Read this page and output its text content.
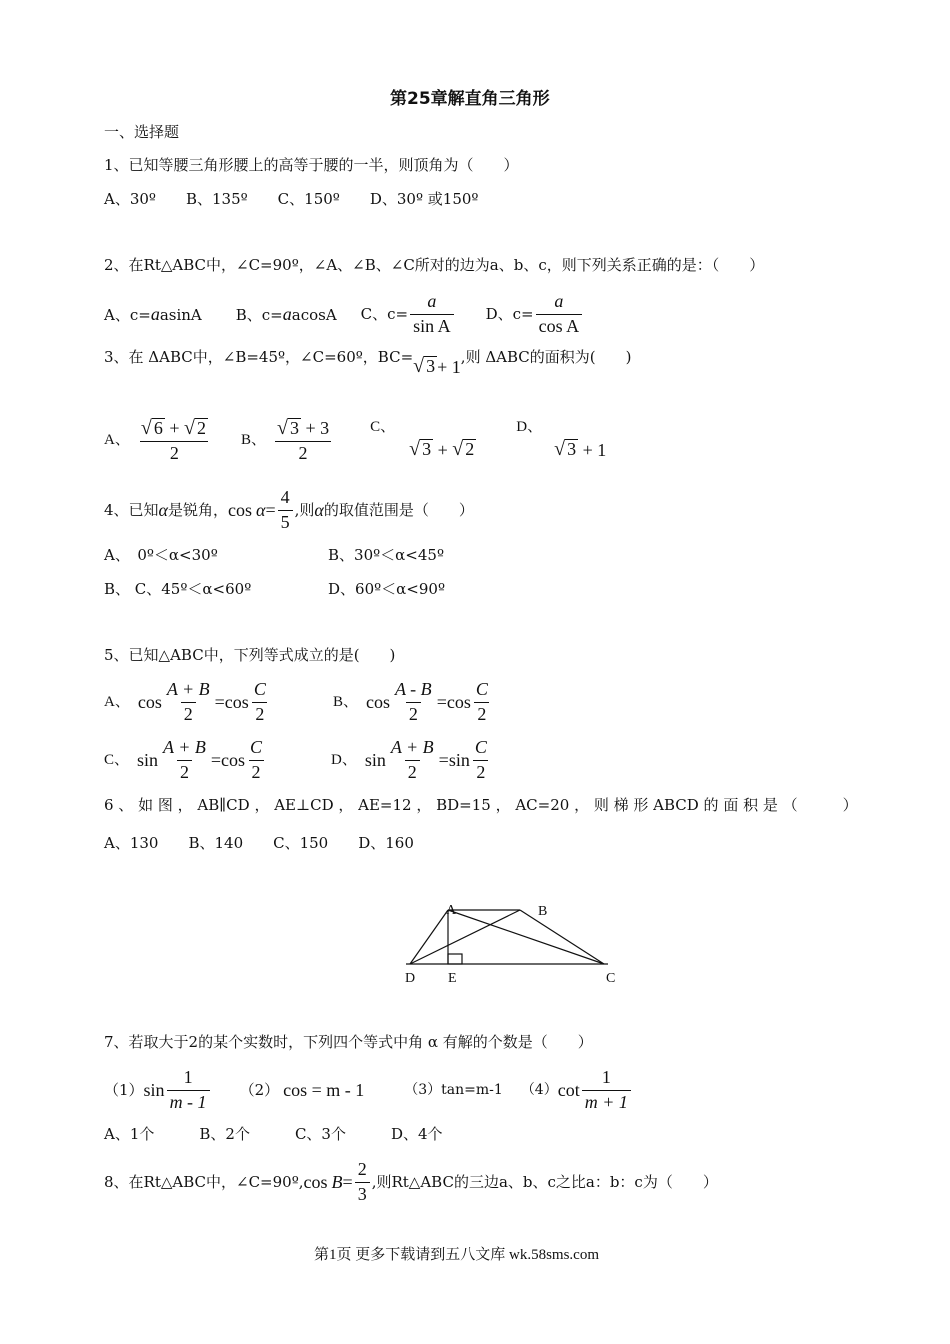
第25章解直角三角形
一、选择题
1、已知等腰三角形腰上的高等于腰的一半，则顶角为（　　）
A、30º　　B、135º　　C、150º　　D、30º 或150º
2、在Rt△ABC中，∠C=90º，∠A、∠B、∠C所对的边为a、b、c，则下列关系正确的是：（　　）
A、c=aasinA B、c=aacosA C、$c= \frac{a}{\text{sin A}}$ D、$c= \frac{a}{\text{cos A}}$
3、在 ΔABC中，∠B=45º，∠C=60º，BC= √ 3 + 1 ,则 ΔABC的面积为(　　)
A、 $\frac{√ 6 + √ 2}{2}$ B、 $\frac{√ 3 + 3}{2}$	C、
√ 3
+
√ 2
D、
√ 3
+ 1
4、已知 α 是锐角， $\cos \alpha = \frac{4}{5}$ ,则 α 的取值范围是（　　）
A、　0º＜α<30º	B、30º＜α<45º
B、 C、45º＜α<60º	D、60º＜α<90º
5、已知△ABC中，下列等式成立的是(　　)
A、 $\cos \frac{A + B}{2} =\cos \frac{C}{2}$	B、 $\cos \frac{A - B}{2} =\cos \frac{C}{2}$
C、 $\sin \frac{A + B}{2} =\cos \frac{C}{2}$	D、 $\sin \frac{A + B}{2} =\sin \frac{C}{2}$
6 、 如 图 ， AB∥CD ， AE⊥CD ， AE=12 ， BD=15 ， AC=20 ， 则 梯 形 ABCD 的 面 积 是 （　　　）
A、130　　B、140　　C、150　　D、160
A	B
D E	C
7、若取大于2的某个实数时，下列四个等式中角 α 有解的个数是（　　）
（1） $\sin \frac{1}{m - 1} (2) \cos = m - 1$	（3） tan=m-1 （4） $\cot \frac{1}{m + 1}$
A、1个　　　B、2个　　　C、3个　　　D、4个
8、在Rt△ABC中，∠C=90º, $\cos B = \frac{2}{3}$ ,则Rt△ABC的三边a、b、c之比a：b：c为（　　）
第1页 更多下载请到五八文库 wk.58sms.com
